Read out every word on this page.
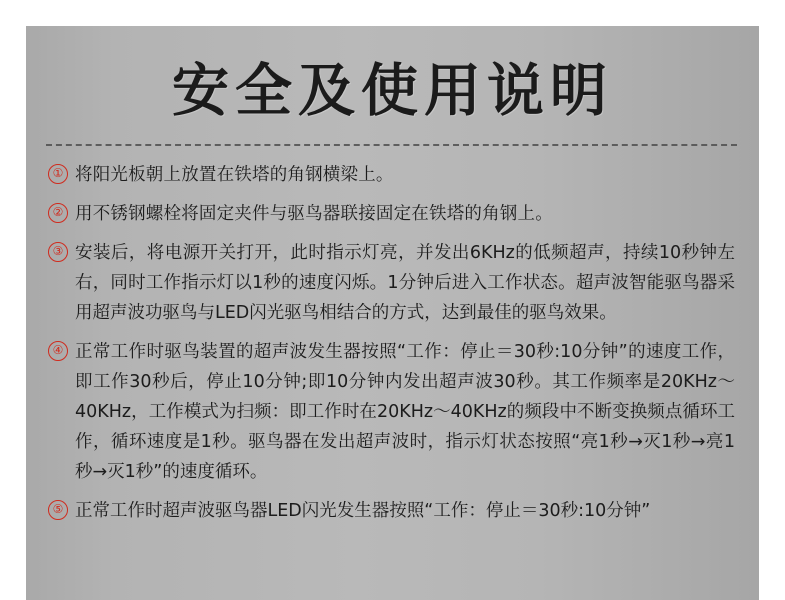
安全及使用说明
① 将阳光板朝上放置在铁塔的角钢横梁上。
② 用不锈钢螺栓将固定夹件与驱鸟器联接固定在铁塔的角钢上。
③ 安装后，将电源开关打开，此时指示灯亮，并发出6KHz的低频超声，持续10秒钟左右，同时工作指示灯以1秒的速度闪烁。1分钟后进入工作状态。超声波智能驱鸟器采用超声波功驱鸟与LED闪光驱鸟相结合的方式，达到最佳的驱鸟效果。
④ 正常工作时驱鸟装置的超声波发生器按照“工作：停止＝30秒:10分钟”的速度工作，即工作30秒后，停止10分钟;即10分钟内发出超声波30秒。其工作频率是20KHz～40KHz，工作模式为扫频：即工作时在20KHz～40KHz的频段中不断变换频点循环工作，循环速度是1秒。驱鸟器在发出超声波时，指示灯状态按照“亮1秒→灭1秒→亮1秒→灭1秒”的速度循环。
⑤ 正常工作时超声波驱鸟器LED闪光发生器按照“工作：停止＝30秒:10分钟”
